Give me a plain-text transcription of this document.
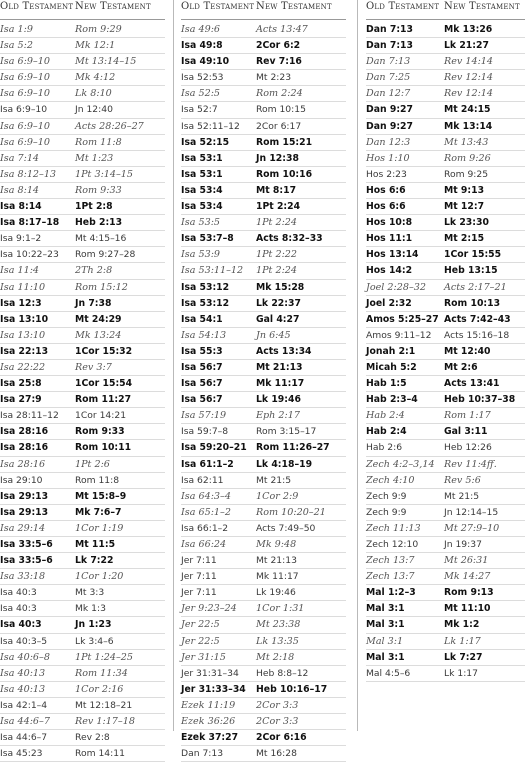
Old Testament New Testament
Isa 1:9	Rom 9:29
Isa 5:2	Mk 12:1
Isa 6:9–10	Mt 13:14–15
Isa 6:9–10	Mk 4:12
Isa 6:9–10	Lk 8:10
Isa 6:9–10	Jn 12:40
Isa 6:9–10	Acts 28:26–27
Isa 6:9–10	Rom 11:8
Isa 7:14	Mt 1:23
Isa 8:12–13 1Pt 3:14–15
Isa 8:14	Rom 9:33
Isa 8:14	1Pt 2:8
Isa 8:17–18 Heb 2:13
Isa 9:1–2	Mt 4:15–16
Isa 10:22–23 Rom 9:27–28
Isa 11:4	2Th 2:8
Isa 11:10	Rom 15:12
Isa 12:3	Jn 7:38
Isa 13:10	Mt 24:29
Isa 13:10	Mk 13:24
Isa 22:13	1Cor 15:32
Isa 22:22	Rev 3:7
Isa 25:8	1Cor 15:54
Isa 27:9	Rom 11:27
Isa 28:11–12 1Cor 14:21
Isa 28:16	Rom 9:33
Isa 28:16	Rom 10:11
Isa 28:16	1Pt 2:6
Isa 29:10	Rom 11:8
Isa 29:13	Mt 15:8–9
Isa 29:13	Mk 7:6–7
Isa 29:14	1Cor 1:19
Isa 33:5–6 Mt 11:5
Isa 33:5–6 Lk 7:22
Isa 33:18	1Cor 1:20
Isa 40:3	Mt 3:3
Isa 40:3	Mk 1:3
Isa 40:3	Jn 1:23
Isa 40:3–5	Lk 3:4–6
Isa 40:6–8	1Pt 1:24–25
Isa 40:13	Rom 11:34
Isa 40:13	1Cor 2:16
Isa 42:1–4	Mt 12:18–21
Isa 44:6–7	Rev 1:17–18
Isa 44:6–7	Rev 2:8
Isa 45:23	Rom 14:11
Old Testament New Testament
Isa 49:6	Acts 13:47
Isa 49:8	2Cor 6:2
Isa 49:10	Rev 7:16
Isa 52:53	Mt 2:23
Isa 52:5	Rom 2:24
Isa 52:7	Rom 10:15
Isa 52:11–12 2Cor 6:17
Isa 52:15	Rom 15:21
Isa 53:1	Jn 12:38
Isa 53:1	Rom 10:16
Isa 53:4	Mt 8:17
Isa 53:4	1Pt 2:24
Isa 53:5	1Pt 2:24
Isa 53:7–8 Acts 8:32–33
Isa 53:9	1Pt 2:22
Isa 53:11–12 1Pt 2:24
Isa 53:12	Mk 15:28
Isa 53:12	Lk 22:37
Isa 54:1	Gal 4:27
Isa 54:13	Jn 6:45
Isa 55:3	Acts 13:34
Isa 56:7	Mt 21:13
Isa 56:7	Mk 11:17
Isa 56:7	Lk 19:46
Isa 57:19	Eph 2:17
Isa 59:7–8	Rom 3:15–17
Isa 59:20–21 Rom 11:26–27
Isa 61:1–2 Lk 4:18–19
Isa 62:11	Mt 21:5
Isa 64:3–4	1Cor 2:9
Isa 65:1–2	Rom 10:20–21
Isa 66:1–2	Acts 7:49–50
Isa 66:24	Mk 9:48
Jer 7:11	Mt 21:13
Jer 7:11	Mk 11:17
Jer 7:11	Lk 19:46
Jer 9:23–24 1Cor 1:31
Jer 22:5	Mt 23:38
Jer 22:5	Lk 13:35
Jer 31:15	Mt 2:18
Jer 31:31–34 Heb 8:8–12
Jer 31:33–34 Heb 10:16–17
Ezek 11:19 2Cor 3:3
Ezek 36:26 2Cor 3:3
Ezek 37:27 2Cor 6:16
Dan 7:13	Mt 16:28
Old Testament New Testament
Dan 7:13	Mk 13:26
Dan 7:13	Lk 21:27
Dan 7:13	Rev 14:14
Dan 7:25	Rev 12:14
Dan 12:7	Rev 12:14
Dan 9:27	Mt 24:15
Dan 9:27	Mk 13:14
Dan 12:3	Mt 13:43
Hos 1:10	Rom 9:26
Hos 2:23	Rom 9:25
Hos 6:6	Mt 9:13
Hos 6:6	Mt 12:7
Hos 10:8	Lk 23:30
Hos 11:1	Mt 2:15
Hos 13:14	1Cor 15:55
Hos 14:2	Heb 13:15
Joel 2:28–32 Acts 2:17–21
Joel 2:32	Rom 10:13
Amos 5:25–27 Acts 7:42–43
Amos 9:11–12 Acts 15:16–18
Jonah 2:1	Mt 12:40
Micah 5:2	Mt 2:6
Hab 1:5	Acts 13:41
Hab 2:3–4	Heb 10:37–38
Hab 2:4	Rom 1:17
Hab 2:4	Gal 3:11
Hab 2:6	Heb 12:26
Zech 4:2–3,14 Rev 11:4ff.
Zech 4:10	Rev 5:6
Zech 9:9	Mt 21:5
Zech 9:9	Jn 12:14–15
Zech 11:13 Mt 27:9–10
Zech 12:10	Jn 19:37
Zech 13:7	Mt 26:31
Zech 13:7	Mk 14:27
Mal 1:2–3	Rom 9:13
Mal 3:1	Mt 11:10
Mal 3:1	Mk 1:2
Mal 3:1	Lk 1:17
Mal 3:1	Lk 7:27
Mal 4:5–6	Lk 1:17
